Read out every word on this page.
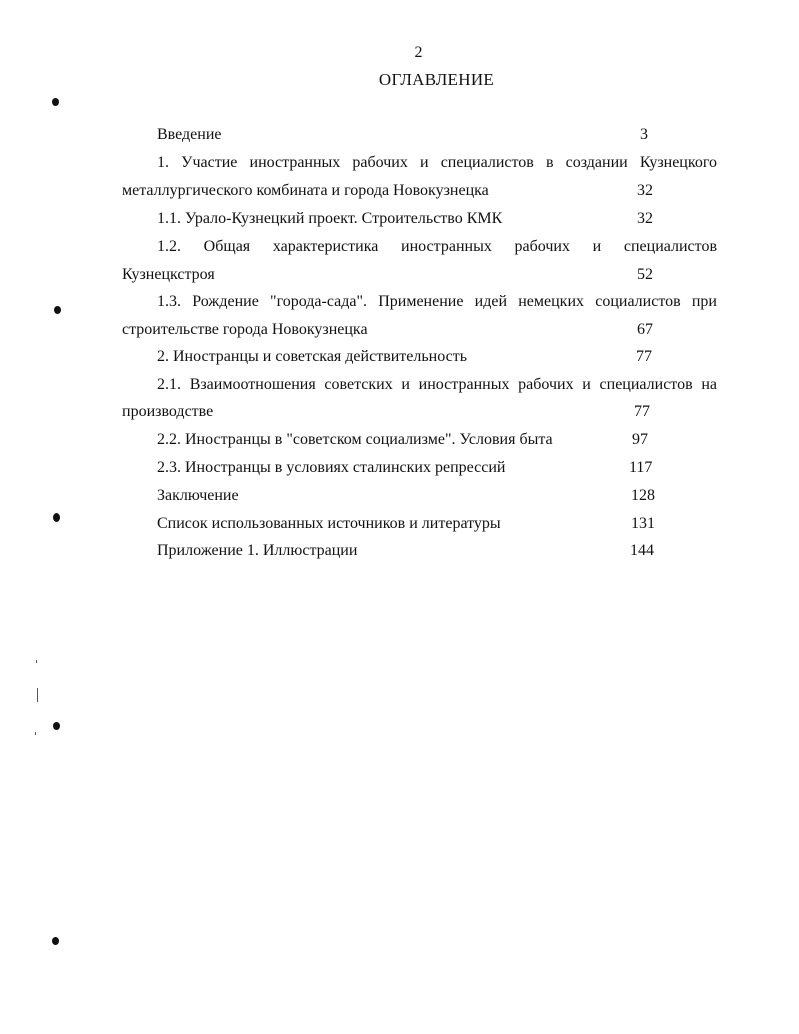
2
ОГЛАВЛЕНИЕ
Введение	3
1. Участие иностранных рабочих и специалистов в создании Кузнецкого
металлургического комбината и города Новокузнецка	32
1.1. Урало-Кузнецкий проект. Строительство КМК	32
1.2. Общая характеристика иностранных рабочих и специалистов
Кузнецкстроя	52
1.3. Рождение "города-сада". Применение идей немецких социалистов при
строительстве города Новокузнецка	67
2. Иностранцы и советская действительность	77
2.1. Взаимоотношения советских и иностранных рабочих и специалистов на
производстве	77
2.2. Иностранцы в "советском социализме". Условия быта	97
2.3. Иностранцы в условиях сталинских репрессий	117
Заключение	128
Список использованных источников и литературы	131
Приложение 1. Иллюстрации	144
